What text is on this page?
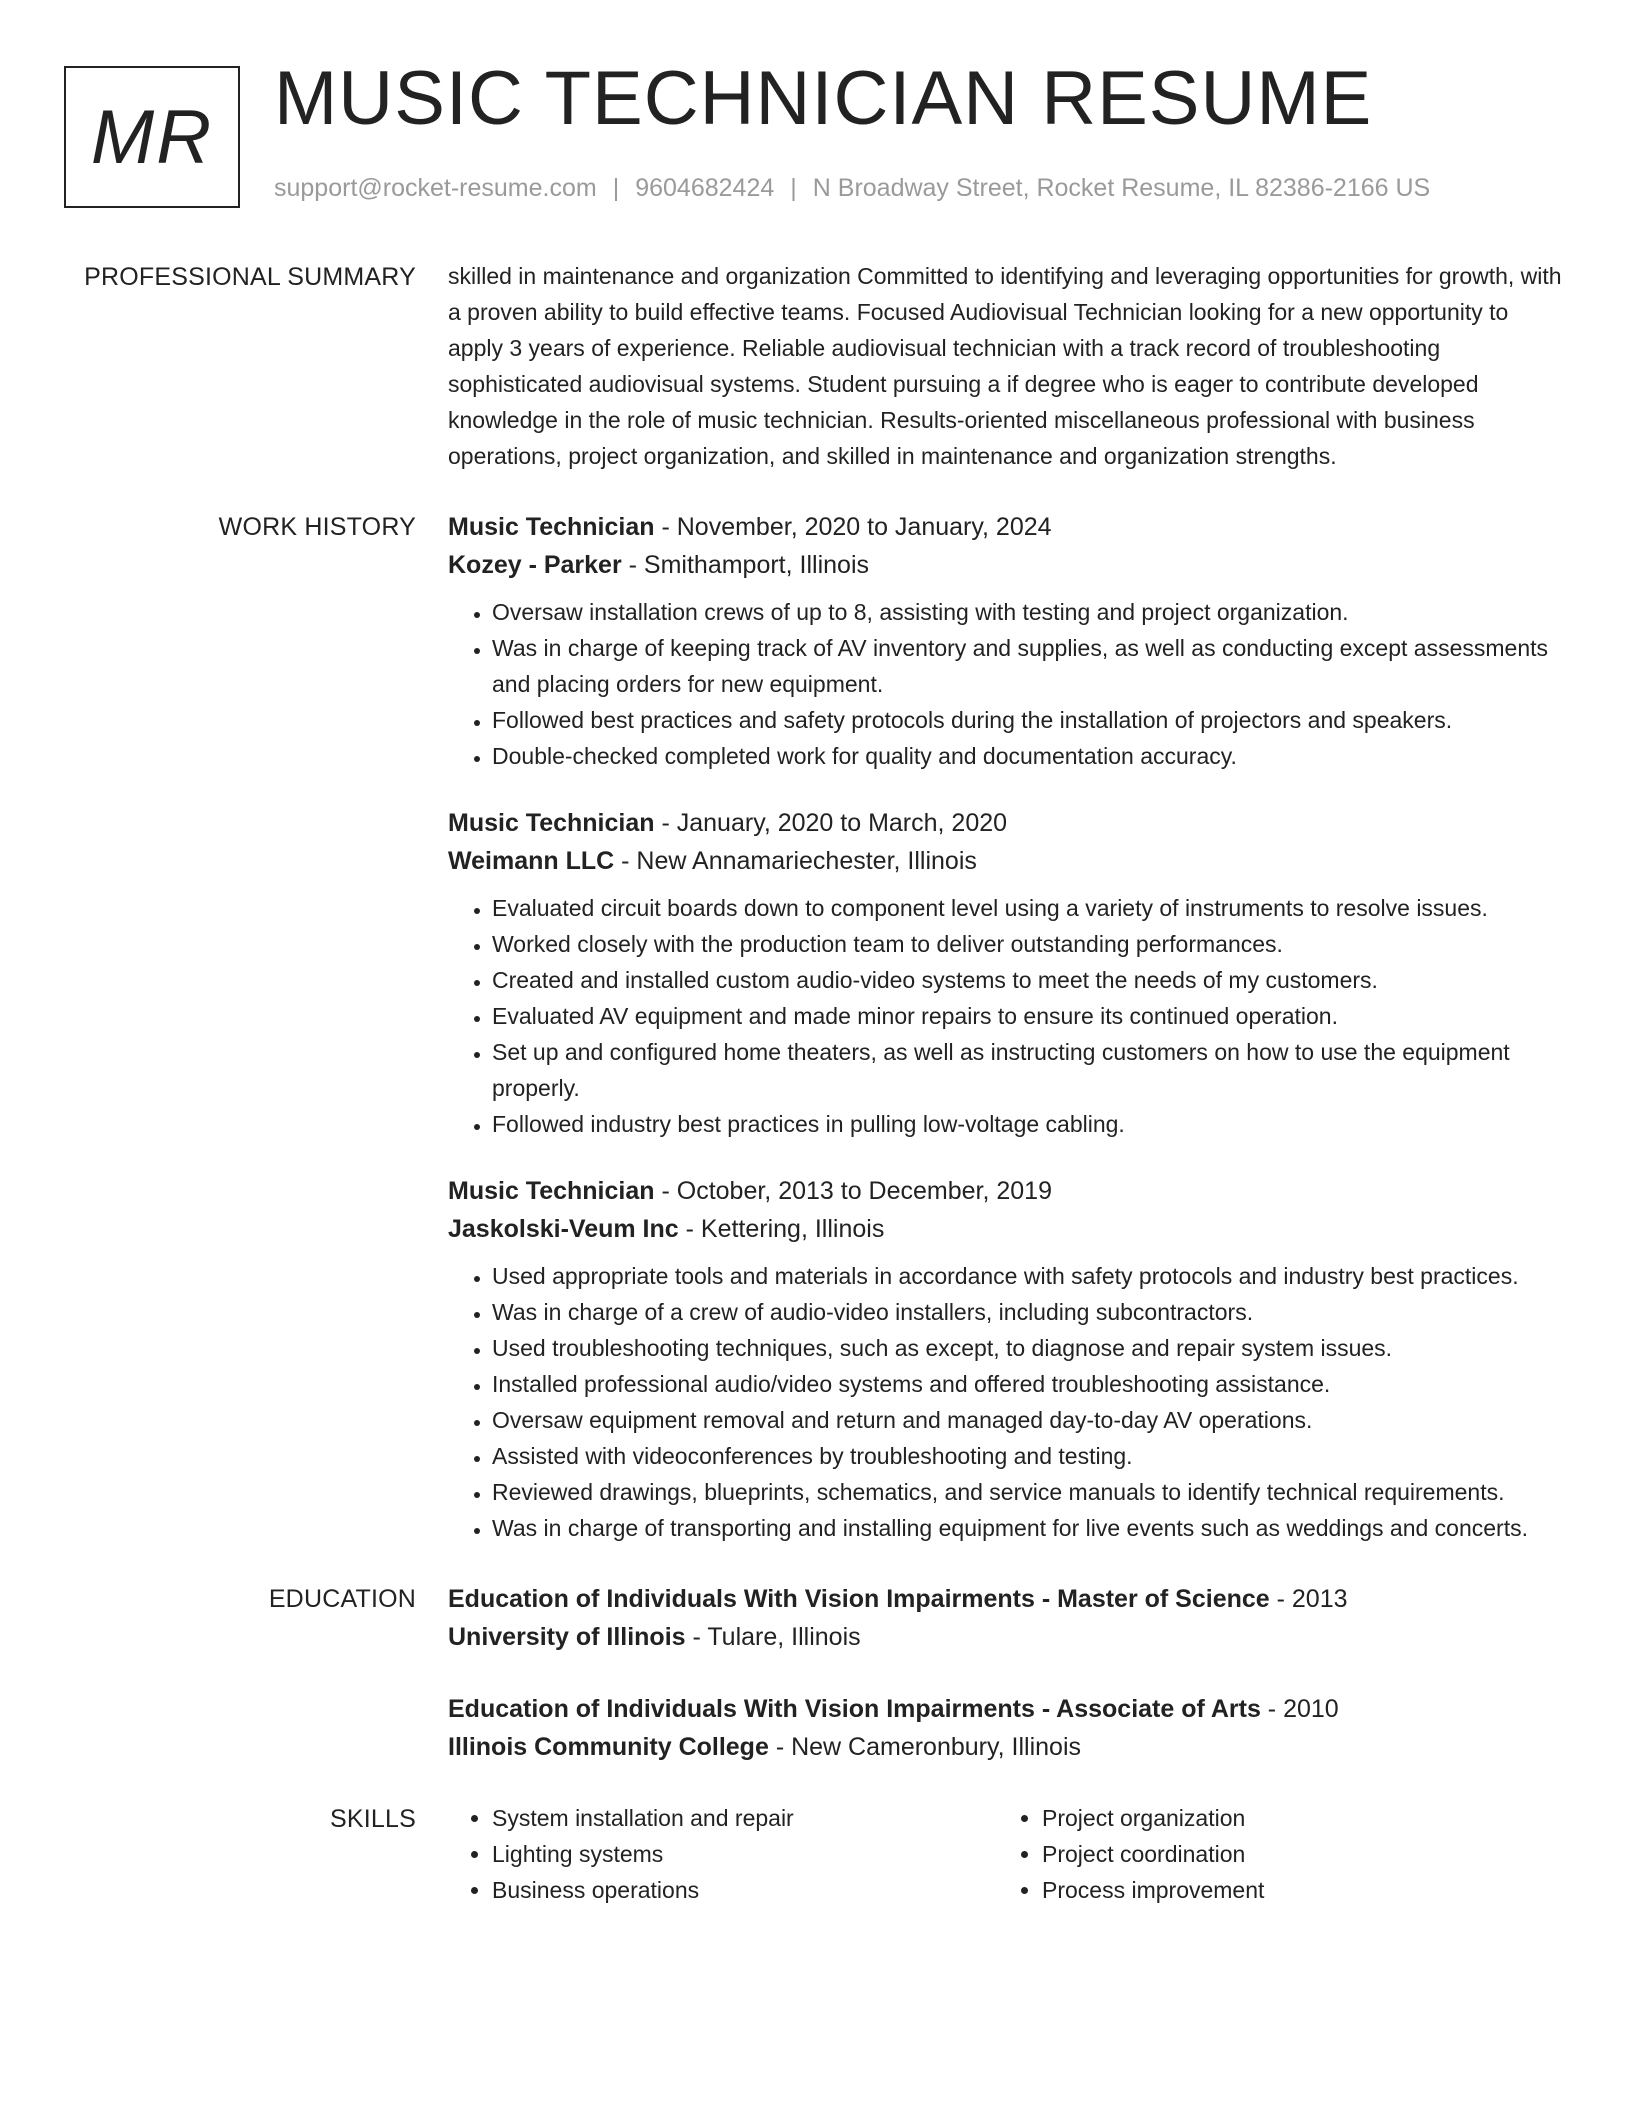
MR MUSIC TECHNICIAN RESUME
support@rocket-resume.com | 9604682424 | N Broadway Street, Rocket Resume, IL 82386-2166 US
PROFESSIONAL SUMMARY skilled in maintenance and organization Committed to identifying and leveraging opportunities for growth, with a proven ability to build effective teams. Focused Audiovisual Technician looking for a new opportunity to apply 3 years of experience. Reliable audiovisual technician with a track record of troubleshooting sophisticated audiovisual systems. Student pursuing a if degree who is eager to contribute developed knowledge in the role of music technician. Results-oriented miscellaneous professional with business operations, project organization, and skilled in maintenance and organization strengths.

WORK HISTORY Music Technician - November, 2020 to January, 2024
Kozey - Parker - Smithamport, Illinois
• Oversaw installation crews of up to 8, assisting with testing and project organization.
• Was in charge of keeping track of AV inventory and supplies, as well as conducting except assessments and placing orders for new equipment.
• Followed best practices and safety protocols during the installation of projectors and speakers.
• Double-checked completed work for quality and documentation accuracy.
Music Technician - January, 2020 to March, 2020
Weimann LLC - New Annamariechester, Illinois
• Evaluated circuit boards down to component level using a variety of instruments to resolve issues.
• Worked closely with the production team to deliver outstanding performances.
• Created and installed custom audio-video systems to meet the needs of my customers.
• Evaluated AV equipment and made minor repairs to ensure its continued operation.
• Set up and configured home theaters, as well as instructing customers on how to use the equipment properly.
• Followed industry best practices in pulling low-voltage cabling.
Music Technician - October, 2013 to December, 2019
Jaskolski-Veum Inc - Kettering, Illinois
• Used appropriate tools and materials in accordance with safety protocols and industry best practices.
• Was in charge of a crew of audio-video installers, including subcontractors.
• Used troubleshooting techniques, such as except, to diagnose and repair system issues.
• Installed professional audio/video systems and offered troubleshooting assistance.
• Oversaw equipment removal and return and managed day-to-day AV operations.
• Assisted with videoconferences by troubleshooting and testing.
• Reviewed drawings, blueprints, schematics, and service manuals to identify technical requirements.
• Was in charge of transporting and installing equipment for live events such as weddings and concerts.
EDUCATION Education of Individuals With Vision Impairments - Master of Science - 2013
University of Illinois - Tulare, Illinois
Education of Individuals With Vision Impairments - Associate of Arts - 2010
Illinois Community College - New Cameronbury, Illinois
SKILLS
•	System installation and repair
• Lighting systems
• Business operations
• Project organization
• Project coordination
• Process improvement
